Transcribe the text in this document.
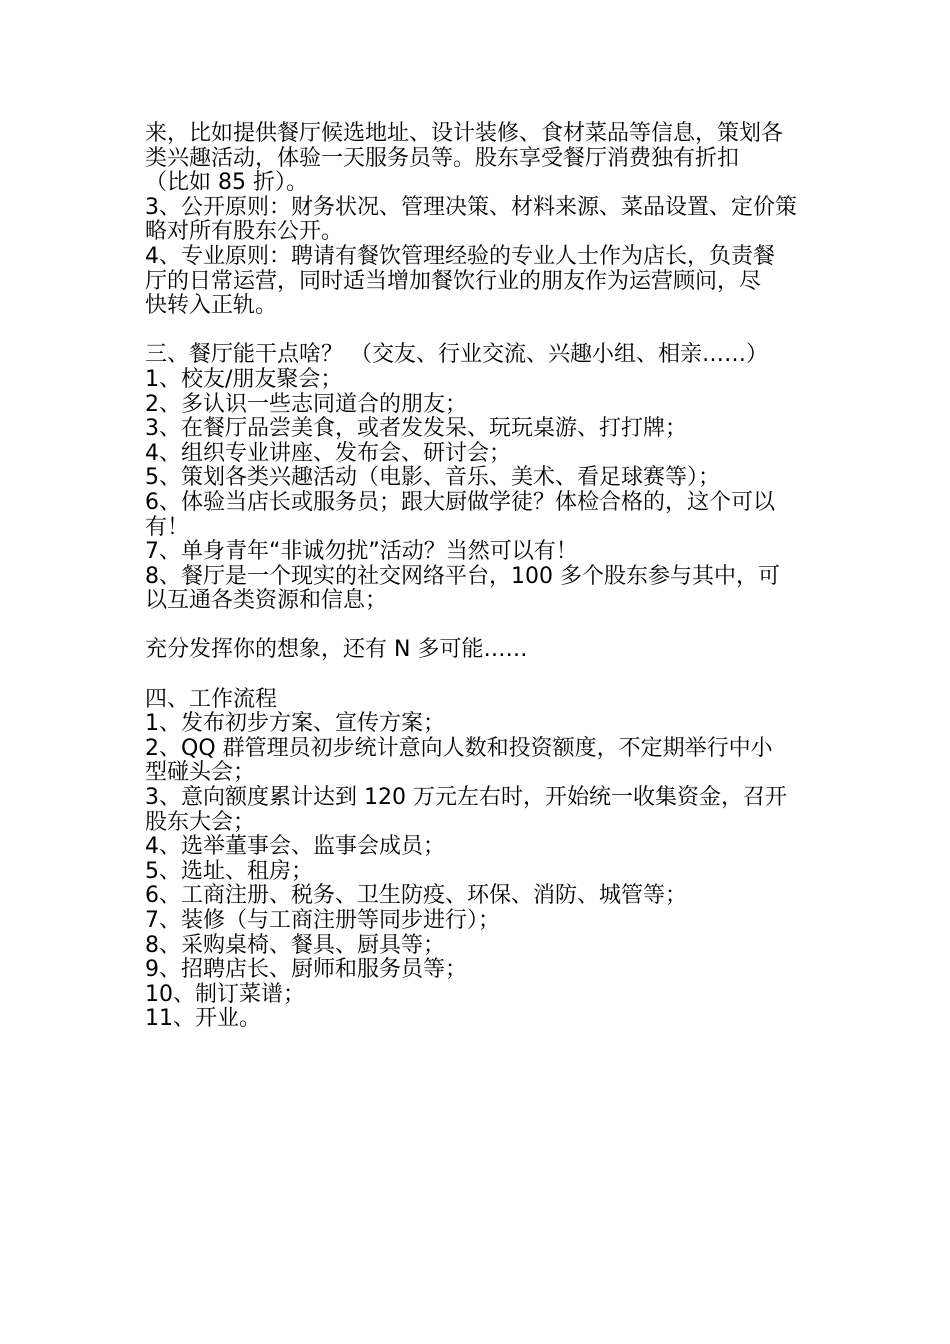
来，比如提供餐厅候选地址、设计装修、食材菜品等信息，策划各
类兴趣活动，体验一天服务员等。股东享受餐厅消费独有折扣
（比如 85 折）。
3、公开原则：财务状况、管理决策、材料来源、菜品设置、定价策
略对所有股东公开。
4、专业原则：聘请有餐饮管理经验的专业人士作为店长，负责餐
厅的日常运营，同时适当增加餐饮行业的朋友作为运营顾问，尽
快转入正轨。
三、餐厅能干点啥？ （交友、行业交流、兴趣小组、相亲……）
1、校友/朋友聚会；
2、多认识一些志同道合的朋友；
3、在餐厅品尝美食，或者发发呆、玩玩桌游、打打牌；
4、组织专业讲座、发布会、研讨会；
5、策划各类兴趣活动（电影、音乐、美术、看足球赛等）；
6、体验当店长或服务员；跟大厨做学徒？体检合格的，这个可以
有！
7、单身青年“非诚勿扰”活动？当然可以有！
8、餐厅是一个现实的社交网络平台，100 多个股东参与其中，可
以互通各类资源和信息；
充分发挥你的想象，还有 N 多可能……
四、工作流程
1、发布初步方案、宣传方案；
2、QQ 群管理员初步统计意向人数和投资额度，不定期举行中小
型碰头会；
3、意向额度累计达到 120 万元左右时，开始统一收集资金，召开
股东大会；
4、选举董事会、监事会成员；
5、选址、租房；
6、工商注册、税务、卫生防疫、环保、消防、城管等；
7、装修（与工商注册等同步进行）；
8、采购桌椅、餐具、厨具等；
9、招聘店长、厨师和服务员等；
10、制订菜谱；
11、开业。
